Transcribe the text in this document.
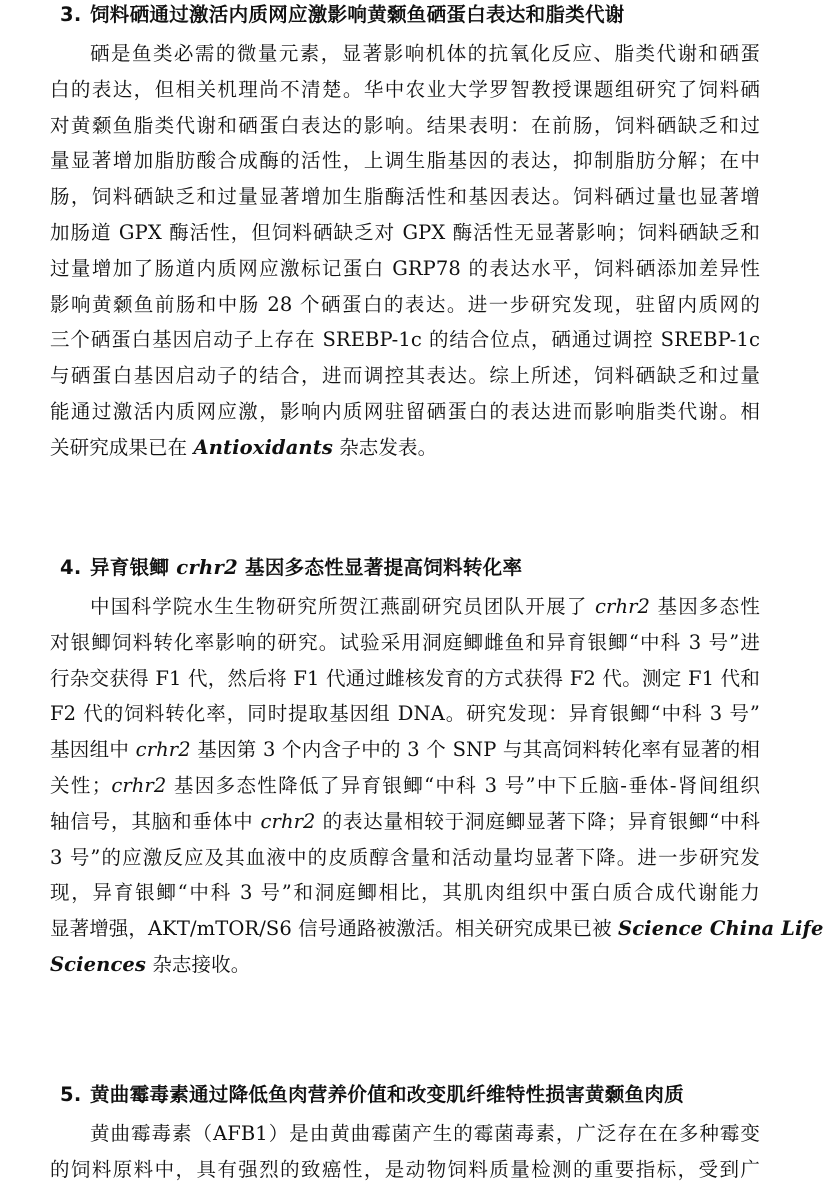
3. 饲料硒通过激活内质网应激影响黄颡鱼硒蛋白表达和脂类代谢
硒是鱼类必需的微量元素，显著影响机体的抗氧化反应、脂类代谢和硒蛋
白的表达，但相关机理尚不清楚。华中农业大学罗智教授课题组研究了饲料硒
对黄颡鱼脂类代谢和硒蛋白表达的影响。结果表明：在前肠，饲料硒缺乏和过
量显著增加脂肪酸合成酶的活性，上调生脂基因的表达，抑制脂肪分解；在中
肠，饲料硒缺乏和过量显著增加生脂酶活性和基因表达。饲料硒过量也显著增
加肠道 GPX 酶活性，但饲料硒缺乏对 GPX 酶活性无显著影响；饲料硒缺乏和
过量增加了肠道内质网应激标记蛋白 GRP78 的表达水平，饲料硒添加差异性
影响黄颡鱼前肠和中肠 28 个硒蛋白的表达。进一步研究发现，驻留内质网的
三个硒蛋白基因启动子上存在 SREBP-1c 的结合位点，硒通过调控 SREBP-1c
与硒蛋白基因启动子的结合，进而调控其表达。综上所述，饲料硒缺乏和过量
能通过激活内质网应激，影响内质网驻留硒蛋白的表达进而影响脂类代谢。相
关研究成果已在 Antioxidants 杂志发表。
4. 异育银鲫 crhr2 基因多态性显著提高饲料转化率
中国科学院水生生物研究所贺江燕副研究员团队开展了 crhr2 基因多态性
对银鲫饲料转化率影响的研究。试验采用洞庭鲫雌鱼和异育银鲫“中科 3 号”进
行杂交获得 F1 代，然后将 F1 代通过雌核发育的方式获得 F2 代。测定 F1 代和
F2 代的饲料转化率，同时提取基因组 DNA。研究发现：异育银鲫“中科 3 号”
基因组中 crhr2 基因第 3 个内含子中的 3 个 SNP 与其高饲料转化率有显著的相
关性；crhr2 基因多态性降低了异育银鲫“中科 3 号”中下丘脑-垂体-肾间组织
轴信号，其脑和垂体中 crhr2 的表达量相较于洞庭鲫显著下降；异育银鲫“中科
3 号”的应激反应及其血液中的皮质醇含量和活动量均显著下降。进一步研究发
现，异育银鲫“中科 3 号”和洞庭鲫相比，其肌肉组织中蛋白质合成代谢能力
显著增强，AKT/mTOR/S6 信号通路被激活。相关研究成果已被 Science China Life
Sciences 杂志接收。
5. 黄曲霉毒素通过降低鱼肉营养价值和改变肌纤维特性损害黄颡鱼肉质
黄曲霉毒素（AFB1）是由黄曲霉菌产生的霉菌毒素，广泛存在在多种霉变
的饲料原料中，具有强烈的致癌性，是动物饲料质量检测的重要指标，受到广
